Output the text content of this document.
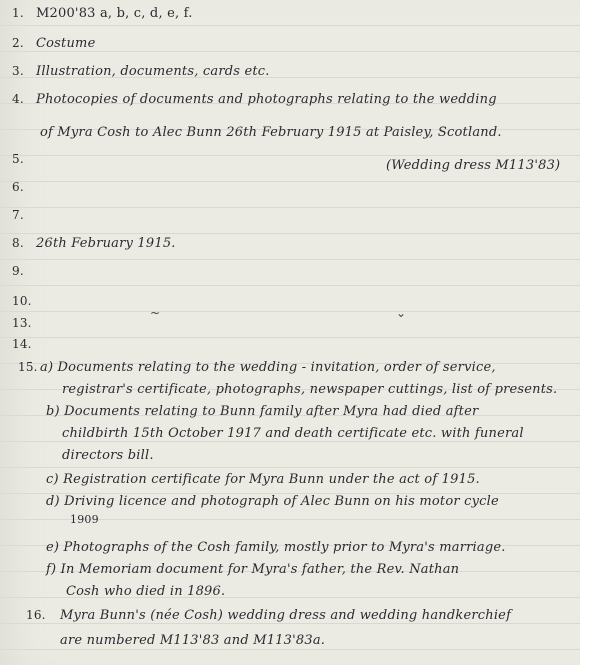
1. M200'83 a, b, c, d, e, f.
2. Costume
3. Illustration, documents, cards etc.
4. Photocopies of documents and photographs relating to the wedding
of Myra Cosh to Alec Bunn 26th February 1915 at Paisley, Scotland.
5.	(Wedding dress M113'83)
6.
7.
8. 26th February 1915.
9.
10.
13.
~	⌄
14.
15. a) Documents relating to the wedding - invitation, order of service,
registrar's certificate, photographs, newspaper cuttings, list of presents.
b) Documents relating to Bunn family after Myra had died after
childbirth 15th October 1917 and death certificate etc. with funeral
directors bill.
c) Registration certificate for Myra Bunn under the act of 1915.
d) Driving licence and photograph of Alec Bunn on his motor cycle
1909
e) Photographs of the Cosh family, mostly prior to Myra's marriage.
f) In Memoriam document for Myra's father, the Rev. Nathan
Cosh who died in 1896.
16. Myra Bunn's (née Cosh) wedding dress and wedding handkerchief
are numbered M113'83 and M113'83a.
